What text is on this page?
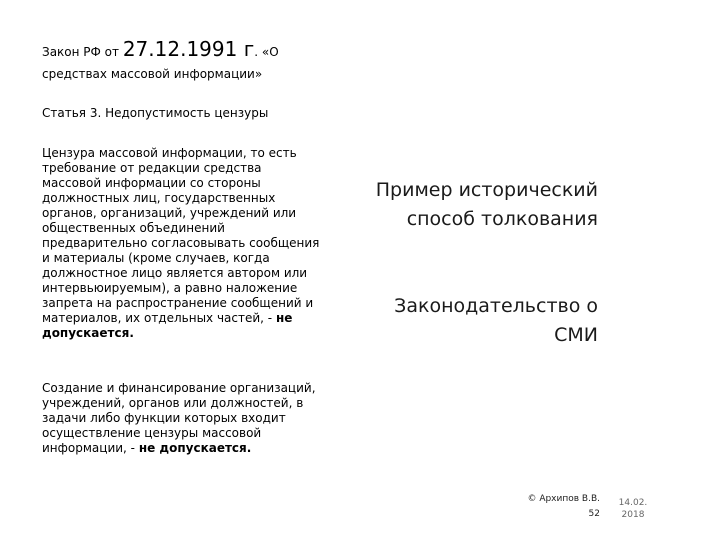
Закон РФ от 27.12.1991 г. «О
средствах массовой информации»
Статья 3. Недопустимость цензуры
Цензура массовой информации, то есть требование от редакции средства массовой информации со стороны должностных лиц, государственных органов, организаций, учреждений или общественных объединений предварительно согласовывать сообщения и материалы (кроме случаев, когда должностное лицо является автором или интервьюируемым), а равно наложение запрета на распространение сообщений и материалов, их отдельных частей, - не допускается.
Создание и финансирование организаций, учреждений, органов или должностей, в задачи либо функции которых входит осуществление цензуры массовой информации, - не допускается.
Пример исторический способ толкования
Законодательство о СМИ
© Архипов В.В.
52
14.02. 2018
